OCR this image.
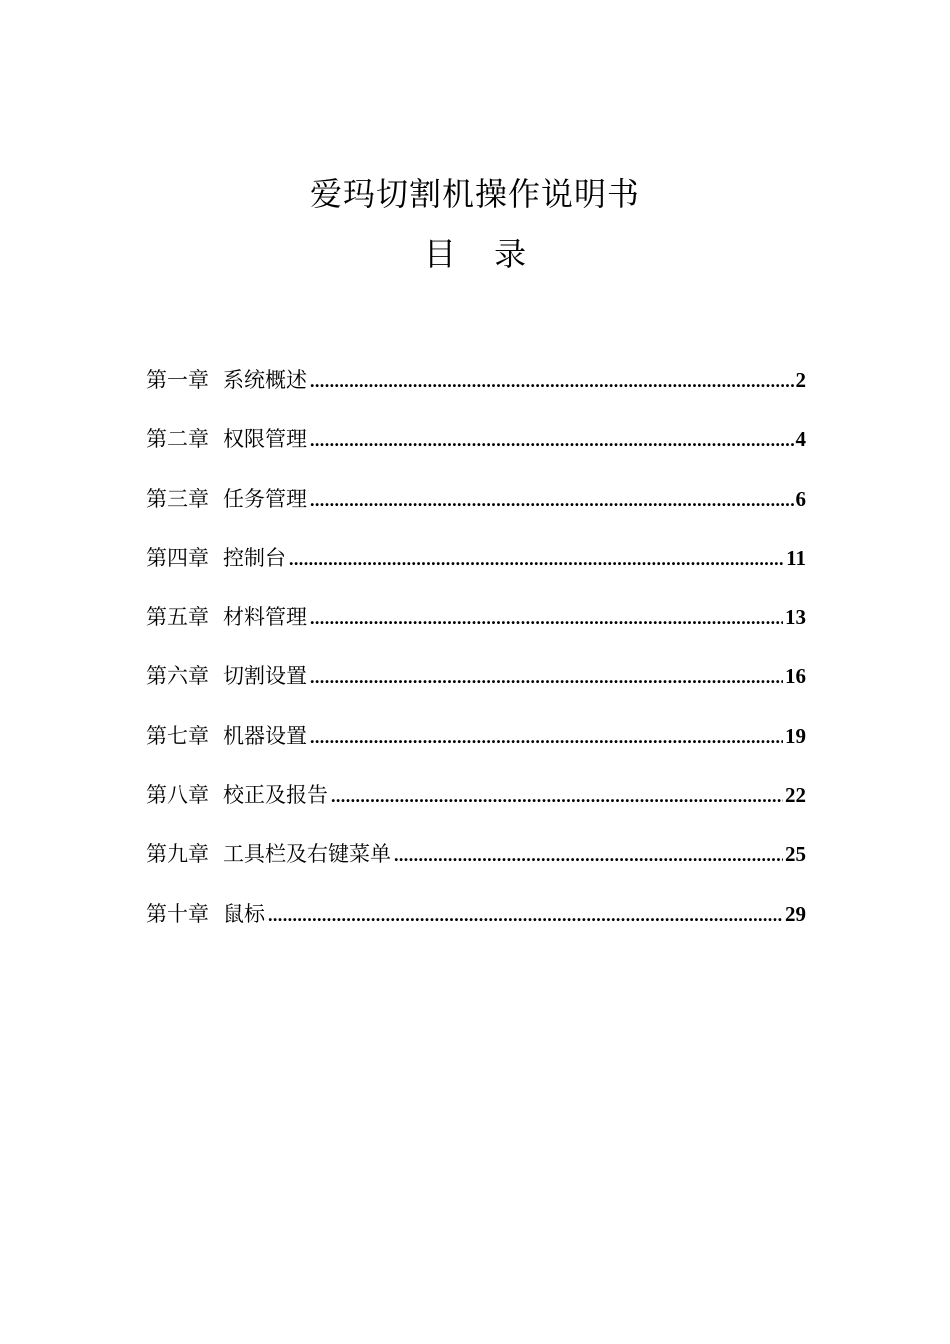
爱玛切割机操作说明书
目 录
第一章 系统概述 .....	2
第二章 权限管理 .....	4
第三章 任务管理 .....	6
第四章 控制台 .....	11
第五章 材料管理 .....	13
第六章 切割设置 .....	16
第七章 机器设置 .....	19
第八章 校正及报告 .....	22
第九章 工具栏及右键菜单 .....	25
第十章 鼠标 .....	29
